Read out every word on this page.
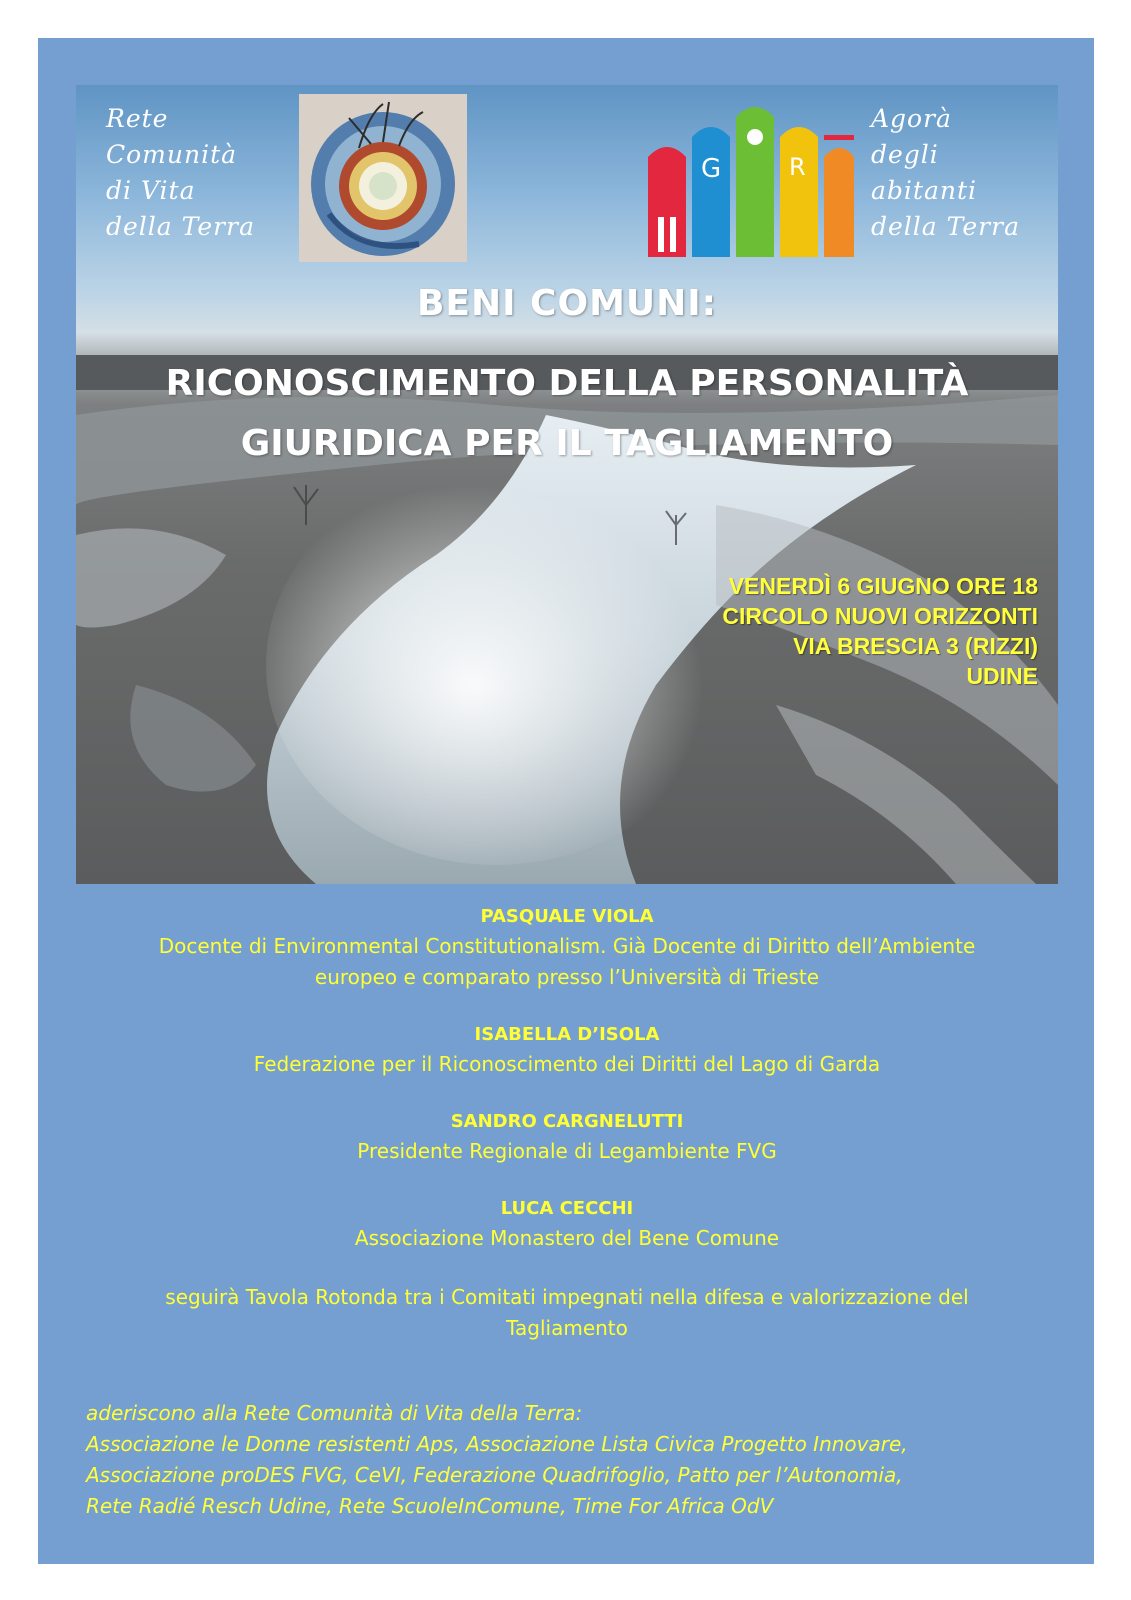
Rete
Comunità
di Vita
della Terra
G	R
Agorà
degli
abitanti
della Terra
BENI COMUNI:
RICONOSCIMENTO DELLA PERSONALITÀ
GIURIDICA PER IL TAGLIAMENTO
VENERDÌ 6 GIUGNO ORE 18
CIRCOLO NUOVI ORIZZONTI
VIA BRESCIA 3 (RIZZI)
UDINE
PASQUALE VIOLA
Docente di Environmental Constitutionalism. Già Docente di Diritto dell’Ambiente
europeo e comparato presso l’Università di Trieste
ISABELLA D’ISOLA
Federazione per il Riconoscimento dei Diritti del Lago di Garda
SANDRO CARGNELUTTI
Presidente Regionale di Legambiente FVG
LUCA CECCHI
Associazione Monastero del Bene Comune
seguirà Tavola Rotonda tra i Comitati impegnati nella difesa e valorizzazione del
Tagliamento
aderiscono alla Rete Comunità di Vita della Terra:
Associazione le Donne resistenti Aps, Associazione Lista Civica Progetto Innovare,
Associazione proDES FVG, CeVI, Federazione Quadrifoglio, Patto per l’Autonomia,
Rete Radié Resch Udine, Rete ScuoleInComune, Time For Africa OdV
